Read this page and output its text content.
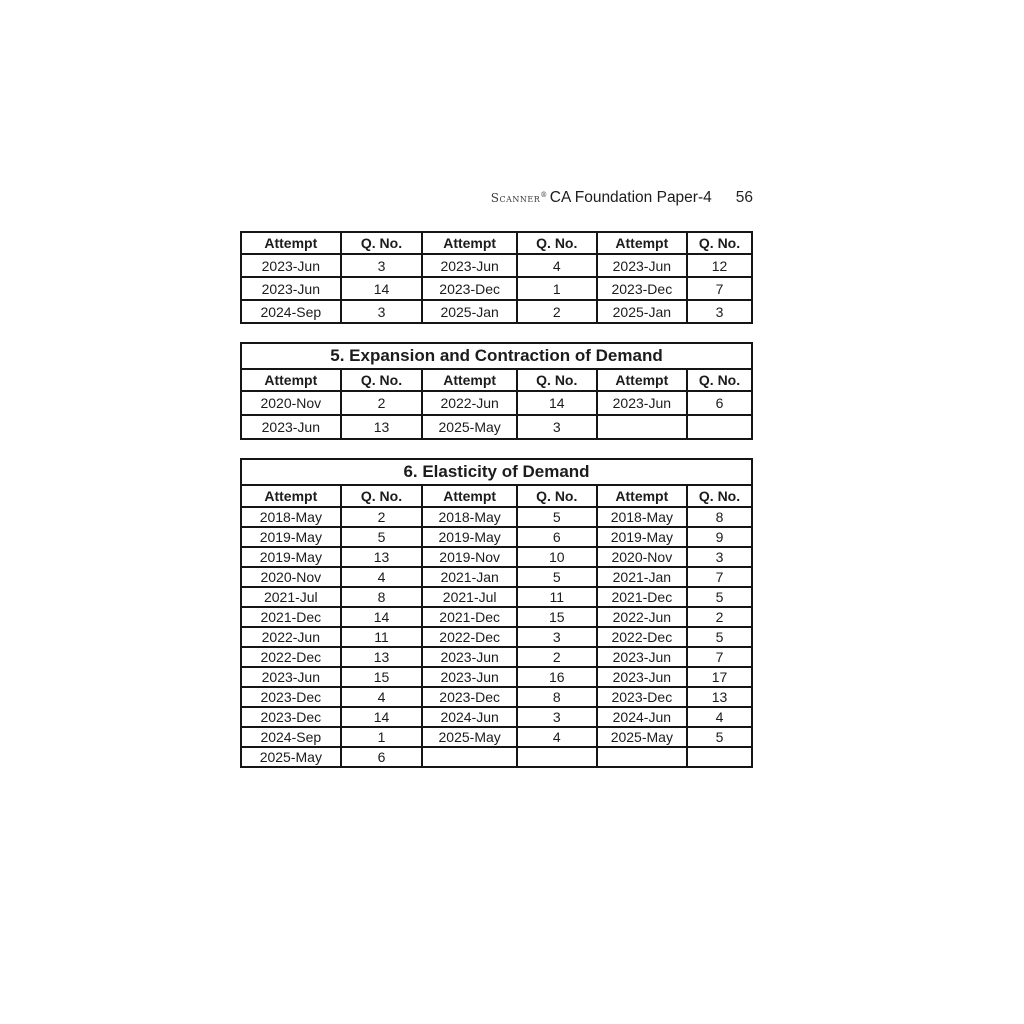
Scanner® CA Foundation Paper-4 56
Attempt	Q. No.	Attempt	Q. No.	Attempt	Q. No.
2023-Jun	3	2023-Jun	4	2023-Jun	12
2023-Jun	14	2023-Dec	1	2023-Dec	7
2024-Sep	3	2025-Jan	2	2025-Jan	3
5. Expansion and Contraction of Demand					
Attempt	Q. No.	Attempt	Q. No.	Attempt	Q. No.
2020-Nov	2	2022-Jun	14	2023-Jun	6
2023-Jun	13	2025-May	3		
6. Elasticity of Demand					
Attempt	Q. No.	Attempt	Q. No.	Attempt	Q. No.
2018-May	2	2018-May	5	2018-May	8
2019-May	5	2019-May	6	2019-May	9
2019-May	13	2019-Nov	10	2020-Nov	3
2020-Nov	4	2021-Jan	5	2021-Jan	7
2021-Jul	8	2021-Jul	11	2021-Dec	5
2021-Dec	14	2021-Dec	15	2022-Jun	2
2022-Jun	11	2022-Dec	3	2022-Dec	5
2022-Dec	13	2023-Jun	2	2023-Jun	7
2023-Jun	15	2023-Jun	16	2023-Jun	17
2023-Dec	4	2023-Dec	8	2023-Dec	13
2023-Dec	14	2024-Jun	3	2024-Jun	4
2024-Sep	1	2025-May	4	2025-May	5
2025-May	6				
